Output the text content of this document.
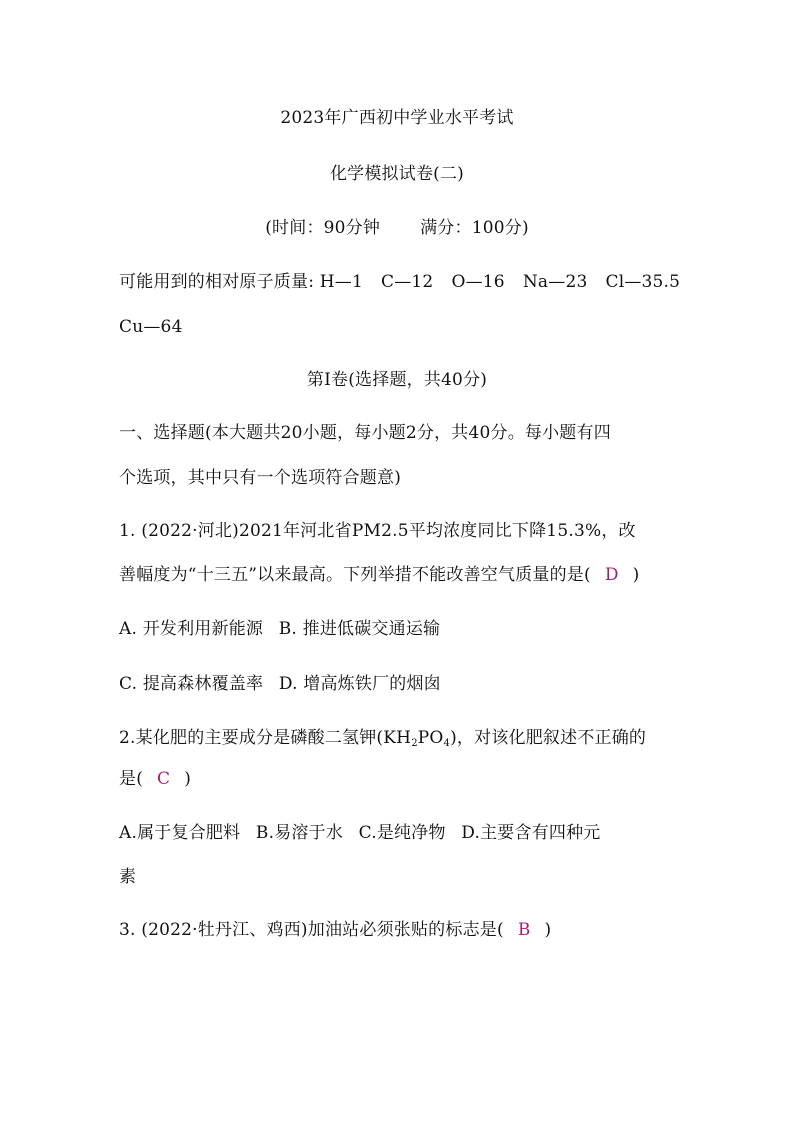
2023年广西初中学业水平考试
化学模拟试卷(二)
(时间：90分钟 满分：100分)
可能用到的相对原子质量: H—1 C—12 O—16 Na—23 Cl—35.5
Cu—64
第Ⅰ卷(选择题，共40分)
一、选择题(本大题共20小题，每小题2分，共40分。每小题有四
个选项，其中只有一个选项符合题意)
1. (2022·河北)2021年河北省PM2.5平均浓度同比下降15.3%，改
善幅度为“十三五”以来最高。下列举措不能改善空气质量的是( D )
A. 开发利用新能源 B. 推进低碳交通运输
C. 提高森林覆盖率 D. 增高炼铁厂的烟囱
2.某化肥的主要成分是磷酸二氢钾$(KH_2PO_4)$，对该化肥叙述不正确的
是( C )
A.属于复合肥料 B.易溶于水 C.是纯净物 D.主要含有四种元
素
3. (2022·牡丹江、鸡西)加油站必须张贴的标志是( B )
